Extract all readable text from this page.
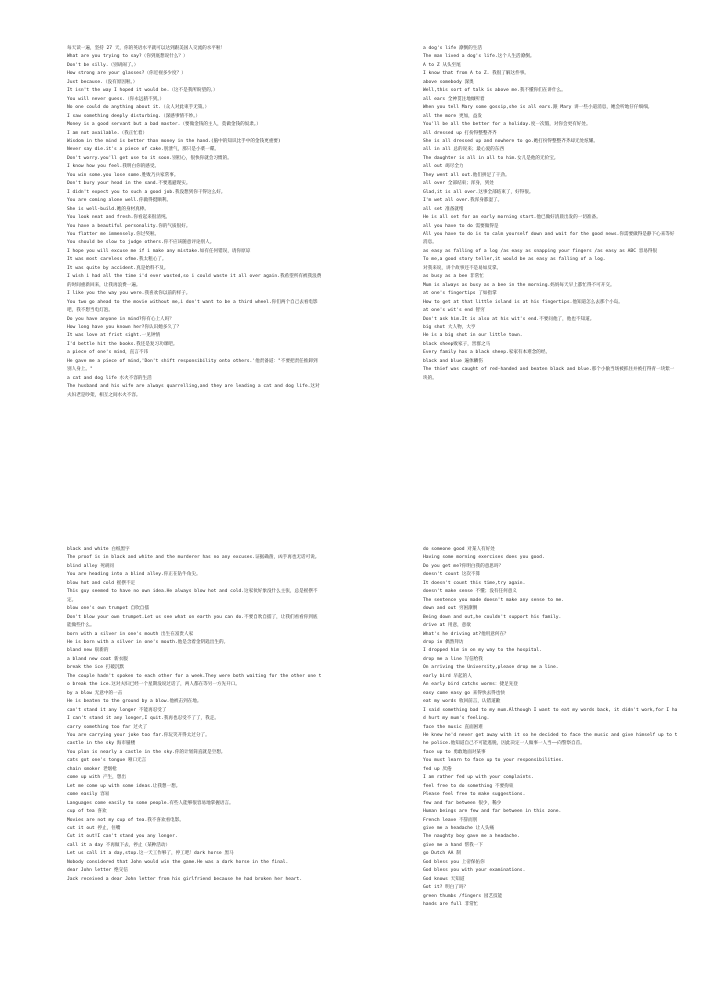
每天读一遍，坚持 27 天，你的英语水平就可以达到跟美国人交流的水平啦！

What are you trying to say?（你到底想说什么？）

Don't be silly.（别胡闹了。）

How strong are your glasses?（你近视多少度？）

Just because.（没有原因啦。）

It isn't the way I hoped it would be.（这不是我所盼望的。）

You will never guess.（你永远猜不到。）

No one could do anything about it.（众人对此束手无策。）

I saw something deeply disturbing.（深感事情不妙。）

Money is a good servant but a bad master.（要做金钱的主人，莫做金钱的奴隶。）

I am not available.（我正忙着）

Wisdom in the mind is better than money in the hand.(脑中的知识比手中的金钱更重要)

Never say die.it's a piece of cake.别泄气，那只是小菜一碟。

Don't worry.you'll get use to it soon.别担心，很快你就会习惯的。

I know how you feel.我明白你的感受。

You win some.you lose some.胜败乃兵家常事。

Don't bury your head in the sand.不要逃避现实。

I didn't expect you to such a good job.我没想到你干得这么好。

You are coming alone well.你做得挺顺利。

She is well-build.她的身材真棒。

You look neat and fresh.你看起来很清纯。

You have a beautiful personality.你的气质很好。

You flatter me immensely.你过奖啦。

You should be slow to judge others.你不应该随意评论别人。

I hope you will excuse me if i make any mistake.如有任何错误，请你原谅

It was most careless ofme.我太粗心了。

It was quite by accident.真是始料不及。

I wish i had all the time i'd ever wasted,so i could waste it all over again.我希望所有被我浪费的时间重新回来，让我再浪费一遍。

I like you the way you were.我喜欢你以前的样子。

You two go ahead to the movie without me,i don't want to be a third wheel.你们两个自己去看电影吧，我不想当电灯泡。

Do you have anyone in mind?你有心上人吗？

How long have you known her?你认识她多久了？

It was love at frist sight.一见钟情

I'd bettle hit the books.我还是复习功课吧。

a piece of one's mind，直言不讳

He gave me a piece of mind,'Don't shift responsibility onto others.'他责备道："不要把责任推卸到别人身上。"

a cat and dog life 水火不容的生活

The husband and his wife are always quarrelling,and they are leading a cat and dog life.这对夫妇老是吵架，相互之间水火不容。

a dog's life 潦倒的生活

The man lived a dog's life.这个人生活潦倒。

A to Z 从头至尾

I know that from A to Z. 我很了解这件事。

above somebody 深奥

Well,this sort of talk is above me.我不懂你们在讲什么。

all ears 全神贯注地倾听着

When you tell Mary some gossip,she is all ears.跟 Mary 讲一些小道消息，她会听地仔仔细细。

all the more 更加，益发

You'll be all the better for a holiday.度一次假，对你会更有好处。

all dressed up 打扮得整整齐齐

She is all dressed up and nowhere to go.她打扮得整整齐齐却无处炫耀。

all in all 总的说来；最心爱的东西

The daughter is all in all to him.女儿是他的无价宝。

all out 竭尽全力

They went all out.他们拼足了干劲。

all over 全部结束；浑身，到处

Glad,it is all over.这事全部结束了，好得很。

I'm wet all over.我浑身都湿了。

all set 准备就绪

He is all set for an early morning start.他已做好清晨出发的一切准备。

all you have to do 需要做得是

All you have to do is to calm yourself down and wait for the good news.你需要做得是静下心来等好消息。

as easy as falling of a log /as easy as snapping your fingers /as easy as ABC 容易得很

To me,a good story teller,it would be as easy as falling of a log.

对我来说，讲个故事还不是易如反掌。

as busy as a bee 非常忙

Mum is always as busy as a bee in the morning.妈妈每天早上都忙得不可开交。

at one's fingertips 了如指掌

How to get at that little island is at his fingertips.他知道怎么去那个小岛。

at one's wit's end 智穷

Don't ask him.It is also at his wit's end.不要问他了，他也不知道。

big shot 大人物，大亨

He is a big shot in our little town.

black sheep败家子，害群之马

Every family has a black sheep.家家有本难念的经。

black and blue 遍体鳞伤

The thief was caught of red-handed and beaten black and blue.那个小偷当场被抓住并被打得青一块紫一块的。

black and white 白纸黑字

The proof is in black and white and the murderer has no any excuses.证据确凿，凶手再也无话可说。

blind alley 死胡同

You are heading into a blind alley.你正在钻牛角尖。

blow hot and cold 摇摆不定

This guy seemed to have no own idea.He always blow hot and cold.这家伙好象没什么主张，总是摇摆不定。

blow one's own trumpet 自吹自擂

Don't blow your own trumpet.Let us see what on earth you can do.不要自吹自擂了，让我们看看你到底能做些什么。

born with a silver in one's mouth 出生在富贵人家

He is born with a silver in one's mouth.他是含着金钥匙出生的。

bland new 崭新的

a bland new coat 新衣服

break the ice 打破沉默

The couple hadn't spoken to each other for a week.They were both waiting for the other one to break the ice.这对夫妇已经一个星期没说过话了，两人都在等另一方先开口。

by a blow 无意中的一击

He is beaten to the ground by a blow.他被击到在地。

can't stand it any longer 不能再忍受了

I can't stand it any longer,I quit.我再也忍受不了了，我走。

carry something too far 过火了

You are carrying your joke too far.你玩笑开得太过分了。

castle in the sky 海市蜃楼

You plan is nearly a castle in the sky.你的计划简直就是空想。

cats got one's tongue 哑口无言

chain smoker 老烟枪

come up with 产生，想出

Let me come up with some ideas.让我想一想。

come easily 容易

Languages come easily to some people.有些人能够很容易地掌握语言。

cup of tea 喜欢

Movies are not my cup of tea.我不喜欢看电影。

cut it out 停止，住嘴

Cut it out!I can't stand you any longer.

call it a day 不再做下去，停止（某种活动）

Let us call it a day,stop.这一天工作够了，停工吧！dark horse 黑马

Nobody considered that John would win the game.He was a dark horse in the final.

dear John letter 绝交信

Jack received a dear John letter from his girlfriend because he had broken her heart.

do someone good 对某人有好处

Having some morning exercises does you good.

Do you get me?你明白我的意思吗？

doesn't count 这次不算

It doesn't count this time,try again.

doesn't make sense 不懂；没有任何意义

The sentence you made doesn't make any sense to me.

down and out 穷困潦倒

Being down and out,he couldn't support his family.

drive at 用意，意欲

What's he driving at?他用意何在？

drop in 偶然拜访

I dropped him in on my way to the hospital.

drop me a line 写信给我

On arriving the University,please drop me a line.

early bird 早起的人

An early bird catchs worms：捷足先登

easy come easy go 来得快去得也快

eat my words 收回前言，认错道歉

I said something bad to my mum.Although I want to eat my words back, it didn't work,for I had hurt my mum's feeling.

face the music 直面困难

He knew he'd never get away with it so he decided to face the music and give himself up to the police.他知道自己不可能逃脱，因此决定一人做事一人当——向警察自首。

face up to 勇敢地面对某事

You must learn to face up to your responsibilities.

fed up 厌倦

I am rather fed up with your complaints.

feel free to do something 不要拘束

Please feel free to make suggestions.

few and far between 很少，稀少

Human beings are few and far between in this zone.

French leave 不辞而别

give me a headache 让人头痛

The naughty boy gave me a headache.

give me a hand 帮我一下

go Dutch AA 制

God bless you 上帝保佑你

God bless you with your examinations.

God knows 天知道

Got it? 明白了吗？

green thumbs /fingers 园艺技能

hands are full 非常忙
